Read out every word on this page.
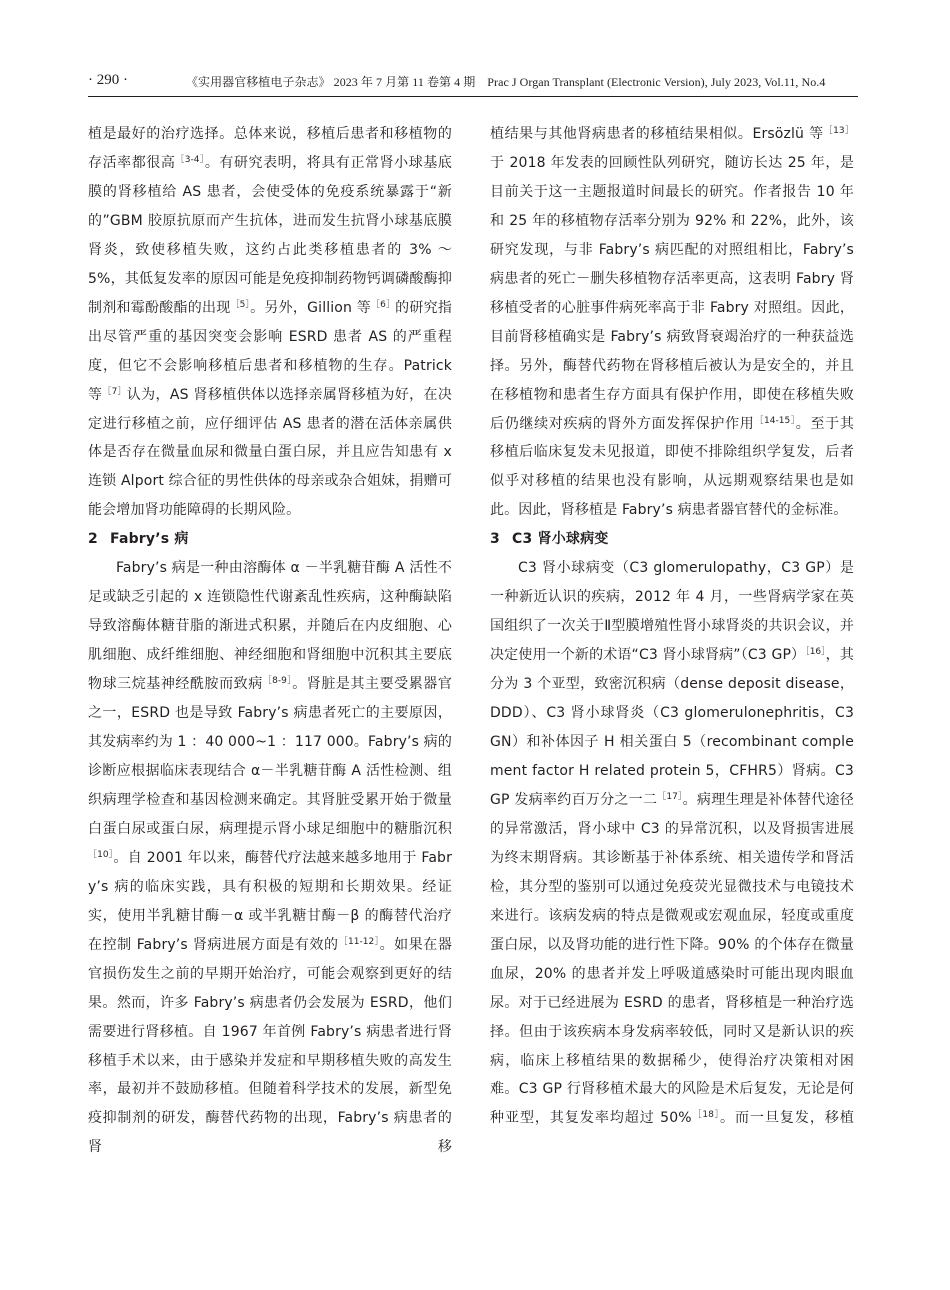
· 290 ·	《实用器官移植电子杂志》 2023 年 7 月第 11 卷第 4 期　Prac J Organ Transplant (Electronic Version), July 2023, Vol.11, No.4

植是最好的治疗选择。总体来说，移植后患者和移植物的存活率都很高$^{[3-4]}$。有研究表明，将具有正常肾小球基底膜的肾移植给 AS 患者，会使受体的免疫系统暴露于“新的”GBM 胶原抗原而产生抗体，进而发生抗肾小球基底膜肾炎，致使移植失败，这约占此类移植患者的 3% ～ 5%，其低复发率的原因可能是免疫抑制药物钙调磷酸酶抑制剂和霉酚酸酯的出现$^{[5]}$。另外，Gillion 等$^{[6]}$的研究指出尽管严重的基因突变会影响 ESRD 患者 AS 的严重程度，但它不会影响移植后患者和移植物的生存。Patrick 等$^{[7]}$认为，AS 肾移植供体以选择亲属肾移植为好，在决定进行移植之前，应仔细评估 AS 患者的潜在活体亲属供体是否存在微量血尿和微量白蛋白尿，并且应告知患有 x 连锁 Alport 综合征的男性供体的母亲或杂合姐妹，捐赠可能会增加肾功能障碍的长期风险。

2 Fabry’s 病

Fabry’s 病是一种由溶酶体 α －半乳糖苷酶 A 活性不足或缺乏引起的 x 连锁隐性代谢紊乱性疾病，这种酶缺陷导致溶酶体糖苷脂的渐进式积累，并随后在内皮细胞、心肌细胞、成纤维细胞、神经细胞和肾细胞中沉积其主要底物球三烷基神经酰胺而致病$^{[8-9]}$。肾脏是其主要受累器官之一，ESRD 也是导致 Fabry’s 病患者死亡的主要原因，其发病率约为 1 ：40 000~1 ：117 000。Fabry’s 病的诊断应根据临床表现结合 α－半乳糖苷酶 A 活性检测、组织病理学检查和基因检测来确定。其肾脏受累开始于微量白蛋白尿或蛋白尿，病理提示肾小球足细胞中的糖脂沉积$^{[10]}$。自 2001 年以来，酶替代疗法越来越多地用于 Fabry’s 病的临床实践，具有积极的短期和长期效果。经证实，使用半乳糖甘酶－α 或半乳糖甘酶－β 的酶替代治疗在控制 Fabry’s 肾病进展方面是有效的$^{[11-12]}$。如果在器官损伤发生之前的早期开始治疗，可能会观察到更好的结果。然而，许多 Fabry’s 病患者仍会发展为 ESRD，他们需要进行肾移植。自 1967 年首例 Fabry’s 病患者进行肾移植手术以来，由于感染并发症和早期移植失败的高发生率，最初并不鼓励移植。但随着科学技术的发展，新型免疫抑制剂的研发，酶替代药物的出现，Fabry’s 病患者的肾移

植结果与其他肾病患者的移植结果相似。Ersözlü 等$^{[13]}$于 2018 年发表的回顾性队列研究，随访长达 25 年，是目前关于这一主题报道时间最长的研究。作者报告 10 年和 25 年的移植物存活率分别为 92% 和 22%，此外，该研究发现，与非 Fabry’s 病匹配的对照组相比，Fabry’s 病患者的死亡－删失移植物存活率更高，这表明 Fabry 肾移植受者的心脏事件病死率高于非 Fabry 对照组。因此，目前肾移植确实是 Fabry’s 病致肾衰竭治疗的一种获益选择。另外，酶替代药物在肾移植后被认为是安全的，并且在移植物和患者生存方面具有保护作用，即使在移植失败后仍继续对疾病的肾外方面发挥保护作用$^{[14-15]}$。至于其移植后临床复发未见报道，即使不排除组织学复发，后者似乎对移植的结果也没有影响，从远期观察结果也是如此。因此，肾移植是 Fabry’s 病患者器官替代的金标准。

3 C3 肾小球病变

C3 肾小球病变（C3 glomerulopathy，C3 GP）是一种新近认识的疾病，2012 年 4 月，一些肾病学家在英国组织了一次关于Ⅱ型膜增殖性肾小球肾炎的共识会议，并决定使用一个新的术语“C3 肾小球肾病”（C3 GP）$^{[16]}$，其分为 3 个亚型，致密沉积病（dense deposit disease，DDD）、C3 肾小球肾炎（C3 glomerulonephritis，C3 GN）和补体因子 H 相关蛋白 5（recombinant complement factor H related protein 5，CFHR5）肾病。C3 GP 发病率约百万分之一二$^{[17]}$。病理生理是补体替代途径的异常激活，肾小球中 C3 的异常沉积，以及肾损害进展为终末期肾病。其诊断基于补体系统、相关遗传学和肾活检，其分型的鉴别可以通过免疫荧光显微技术与电镜技术来进行。该病发病的特点是微观或宏观血尿，轻度或重度蛋白尿，以及肾功能的进行性下降。90% 的个体存在微量血尿，20% 的患者并发上呼吸道感染时可能出现肉眼血尿。对于已经进展为 ESRD 的患者，肾移植是一种治疗选择。但由于该疾病本身发病率较低，同时又是新认识的疾病，临床上移植结果的数据稀少，使得治疗决策相对困难。C3 GP 行肾移植术最大的风险是术后复发，无论是何种亚型，其复发率均超过 50%$^{[18]}$。而一旦复发，移植
